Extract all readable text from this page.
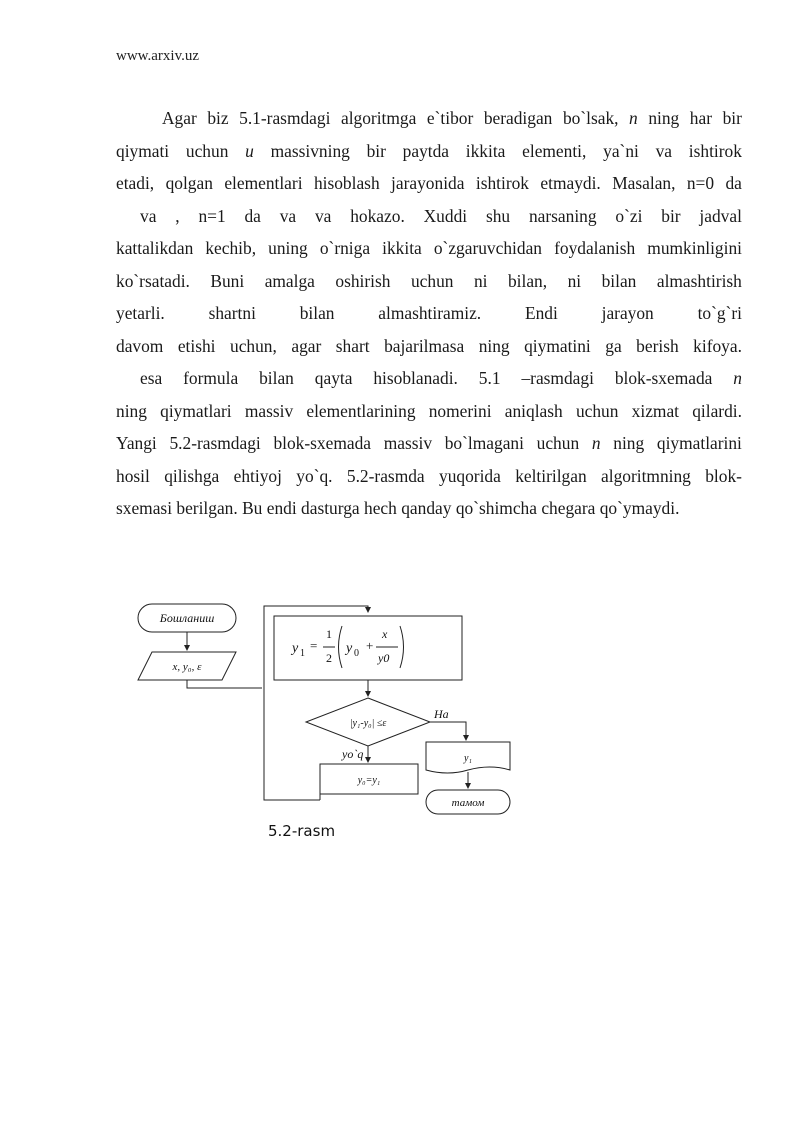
www.arxiv.uz
Agar biz 5.1-rasmdagi algoritmga e`tibor beradigan bo`lsak, n ning har bir
qiymati uchun u massivning bir paytda ikkita elementi, ya`ni va ishtirok
etadi, qolgan elementlari hisoblash jarayonida ishtirok etmaydi. Masalan, n=0 da
va , n=1 da va va hokazo. Xuddi shu narsaning o`zi bir jadval
kattalikdan kechib, uning o`rniga ikkita o`zgaruvchidan foydalanish mumkinligini
ko`rsatadi. Buni amalga oshirish uchun ni bilan, ni bilan almashtirish
yetarli.	shartni	bilan	almashtiramiz.	Endi	jarayon	to`g`ri
davom etishi uchun, agar shart bajarilmasa ning qiymatini ga berish kifoya.
esa formula bilan qayta hisoblanadi. 5.1 –rasmdagi blok-sxemada n
ning qiymatlari massiv elementlarining nomerini aniqlash uchun xizmat qilardi.
Yangi 5.2-rasmdagi blok-sxemada massiv bo`lmagani uchun n ning qiymatlarini
hosil qilishga ehtiyoj yo`q. 5.2-rasmda yuqorida keltirilgan algoritmning blok-
sxemasi berilgan. Bu endi dasturga hech qanday qo`shimcha chegara qo`ymaydi.
Бошланиш
x, y₀, ε
y 1
=
1
2
y 0
+
x
y0
|y₁-y₀| ≤ε
Ha
yo`q
y₀=y₁
y₁
тамом
5.2-rasm
